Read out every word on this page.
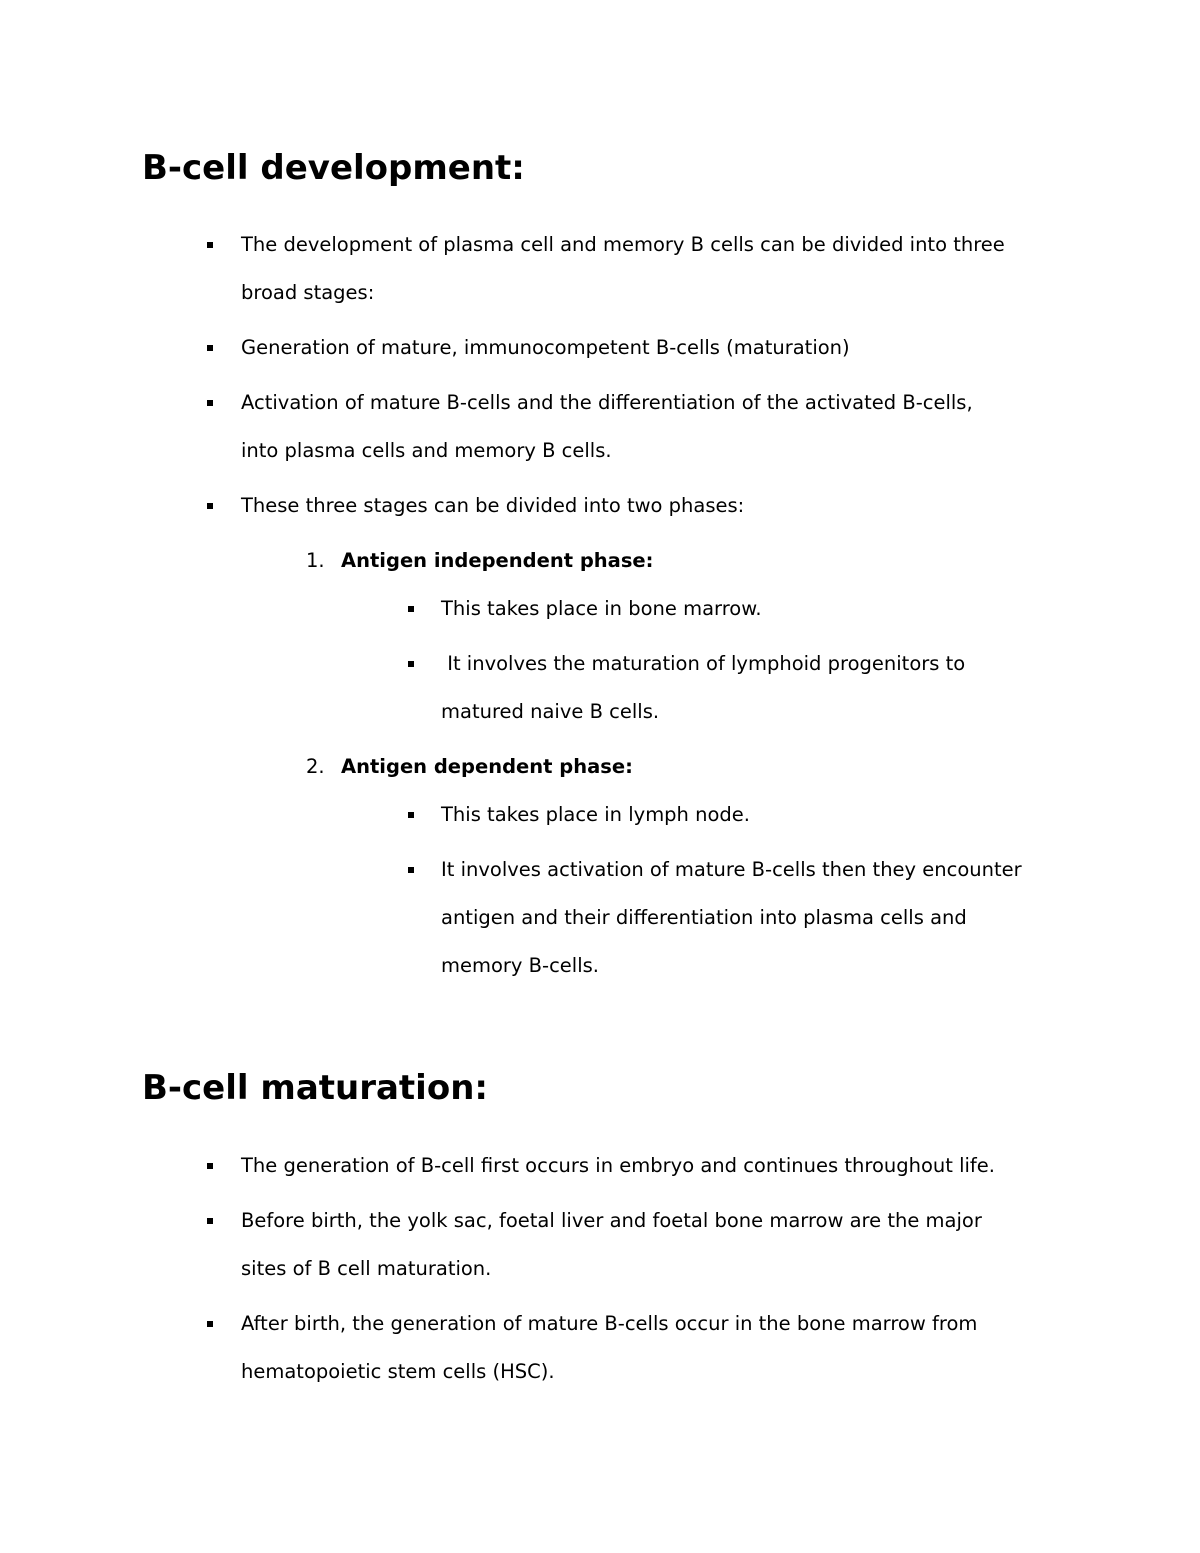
B-cell development:
The development of plasma cell and memory B cells can be divided into three
broad stages:
Generation of mature, immunocompetent B-cells (maturation)
Activation of mature B-cells and the differentiation of the activated B-cells,
into plasma cells and memory B cells.
These three stages can be divided into two phases:
1. Antigen independent phase:
This takes place in bone marrow.
It involves the maturation of lymphoid progenitors to
matured naive B cells.
2. Antigen dependent phase:
This takes place in lymph node.
It involves activation of mature B-cells then they encounter
antigen and their differentiation into plasma cells and
memory B-cells.
B-cell maturation:
The generation of B-cell first occurs in embryo and continues throughout life.
Before birth, the yolk sac, foetal liver and foetal bone marrow are the major
sites of B cell maturation.
After birth, the generation of mature B-cells occur in the bone marrow from
hematopoietic stem cells (HSC).
